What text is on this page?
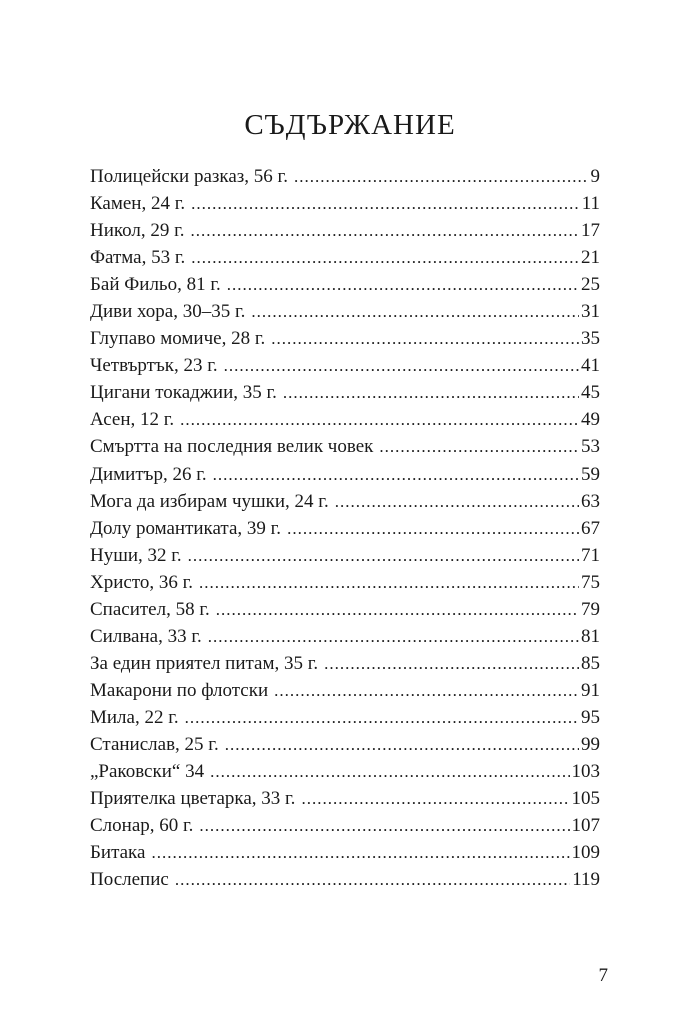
СЪДЪРЖАНИЕ
Полицейски разказ, 56 г. .....	9
Камен, 24 г. .....	11
Никол, 29 г. .....	17
Фатма, 53 г. .....	21
Бай Фильо, 81 г. .....	25
Диви хора, 30–35 г. .....	31
Глупаво момиче, 28 г. .....	35
Четвъртък, 23 г. .....	41
Цигани токаджии, 35 г. .....	45
Асен, 12 г. .....	49
Смъртта на последния велик човек .....	53
Димитър, 26 г. .....	59
Мога да избирам чушки, 24 г. .....	63
Долу романтиката, 39 г. .....	67
Нуши, 32 г. .....	71
Христо, 36 г. .....	75
Спасител, 58 г. .....	79
Силвана, 33 г. .....	81
За един приятел питам, 35 г. .....	85
Макарони по флотски .....	91
Мила, 22 г. .....	95
Станислав, 25 г. .....	99
„Раковски“ 34 .....	103
Приятелка цветарка, 33 г. .....	105
Слонар, 60 г. .....	107
Битака .....	109
Послепис .....	119
7
